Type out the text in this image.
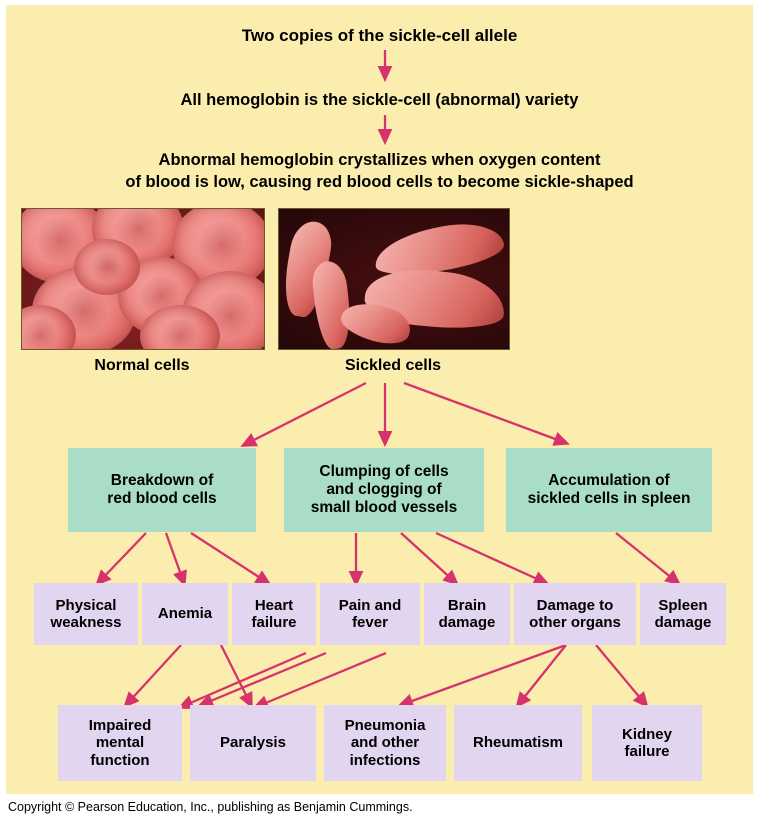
Two copies of the sickle-cell allele
All hemoglobin is the sickle-cell (abnormal) variety
Abnormal hemoglobin crystallizes when oxygen content
of blood is low, causing red blood cells to become sickle-shaped
Normal cells	Sickled cells
Breakdown of
red blood cells
Clumping of cells
and clogging of
small blood vessels
Accumulation of
sickled cells in spleen
Physical
weakness
Anemia
Heart
failure
Pain and
fever
Brain
damage
Damage to
other organs
Spleen
damage
Impaired
mental
function
Paralysis
Pneumonia
and other
infections
Rheumatism
Kidney
failure
Copyright © Pearson Education, Inc., publishing as Benjamin Cummings.
